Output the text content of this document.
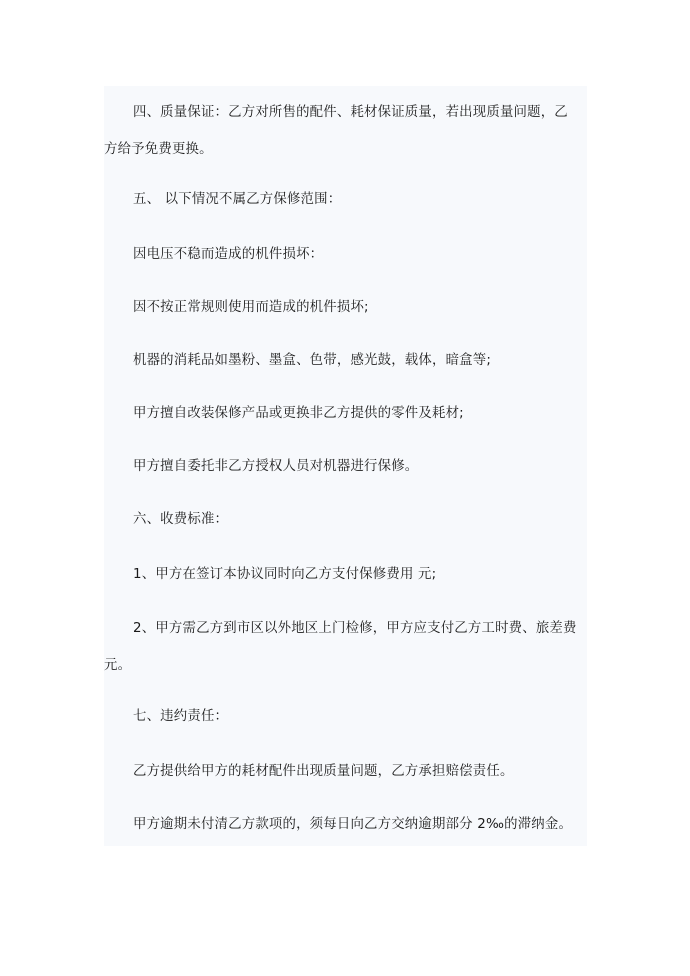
四、质量保证：乙方对所售的配件、耗材保证质量，若出现质量问题，乙

方给予免费更换。

五、 以下情况不属乙方保修范围：

因电压不稳而造成的机件损坏：

因不按正常规则使用而造成的机件损坏;

机器的消耗品如墨粉、墨盒、色带，感光鼓，载体，暗盒等;

甲方擅自改装保修产品或更换非乙方提供的零件及耗材;

甲方擅自委托非乙方授权人员对机器进行保修。

六、收费标准：

1、甲方在签订本协议同时向乙方支付保修费用 元;

2、甲方需乙方到市区以外地区上门检修，甲方应支付乙方工时费、旅差费

元。

七、违约责任：

乙方提供给甲方的耗材配件出现质量问题，乙方承担赔偿责任。

甲方逾期未付清乙方款项的，须每日向乙方交纳逾期部分 2‰的滞纳金。
